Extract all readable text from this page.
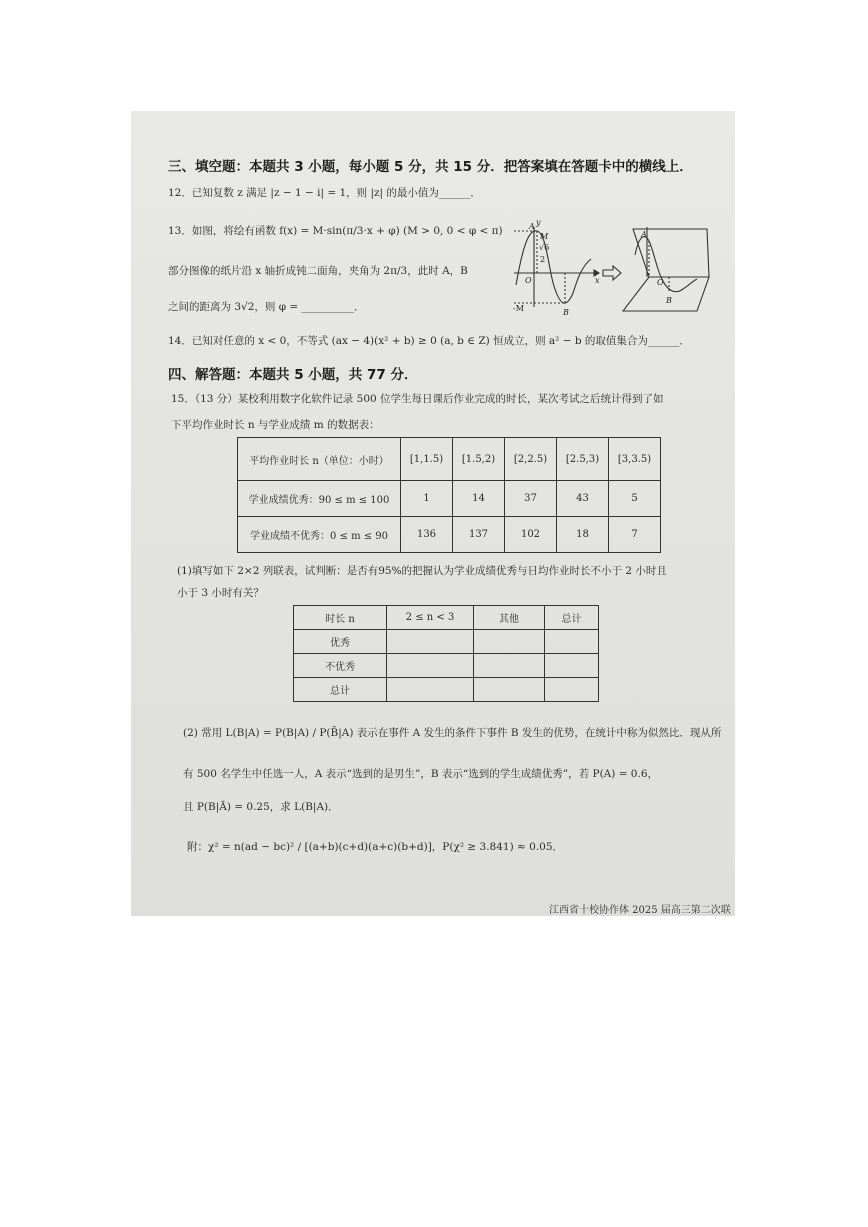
三、填空题：本题共 3 小题，每小题 5 分，共 15 分．把答案填在答题卡中的横线上．
12．已知复数 z 满足 |z − 1 − i| = 1，则 |z| 的最小值为______．
13．如图，将绘有函数 f(x) = M·sin(π/3·x + φ) (M > 0, 0 < φ < π)
部分图像的纸片沿 x 轴折成钝二面角，夹角为 2π/3，此时 A，B
之间的距离为 3√2，则 φ = __________．
A
M
√6
2
O	x
y
-M	B
O
B
A
14．已知对任意的 x < 0，不等式 (ax − 4)(x² + b) ≥ 0 (a, b ∈ Z) 恒成立，则 a² − b 的取值集合为______．
四、解答题：本题共 5 小题，共 77 分．
15．（13 分）某校利用数字化软件记录 500 位学生每日课后作业完成的时长，某次考试之后统计得到了如
下平均作业时长 n 与学业成绩 m 的数据表：
平均作业时长 n（单位：小时）	[1,1.5)	[1.5,2)	[2,2.5)	[2.5,3)	[3,3.5)
学业成绩优秀：90 ≤ m ≤ 100	1	14	37	43	5
学业成绩不优秀：0 ≤ m ≤ 90	136	137	102	18	7
(1)填写如下 2×2 列联表，试判断：是否有95%的把握认为学业成绩优秀与日均作业时长不小于 2 小时且
小于 3 小时有关？
时长 n	2 ≤ n < 3	其他	总计
优秀			
不优秀			
总计			
(2) 常用 L(B|A) = P(B|A) / P(B̄|A) 表示在事件 A 发生的条件下事件 B 发生的优势，在统计中称为似然比．现从所
有 500 名学生中任选一人，A 表示“选到的是男生”，B 表示“选到的学生成绩优秀”，若 P(A) = 0.6，
且 P(B|Ā) = 0.25，求 L(B|A)．
附：χ² = n(ad − bc)² / [(a+b)(c+d)(a+c)(b+d)]，P(χ² ≥ 3.841) ≈ 0.05．
江西省十校协作体 2025 届高三第二次联
